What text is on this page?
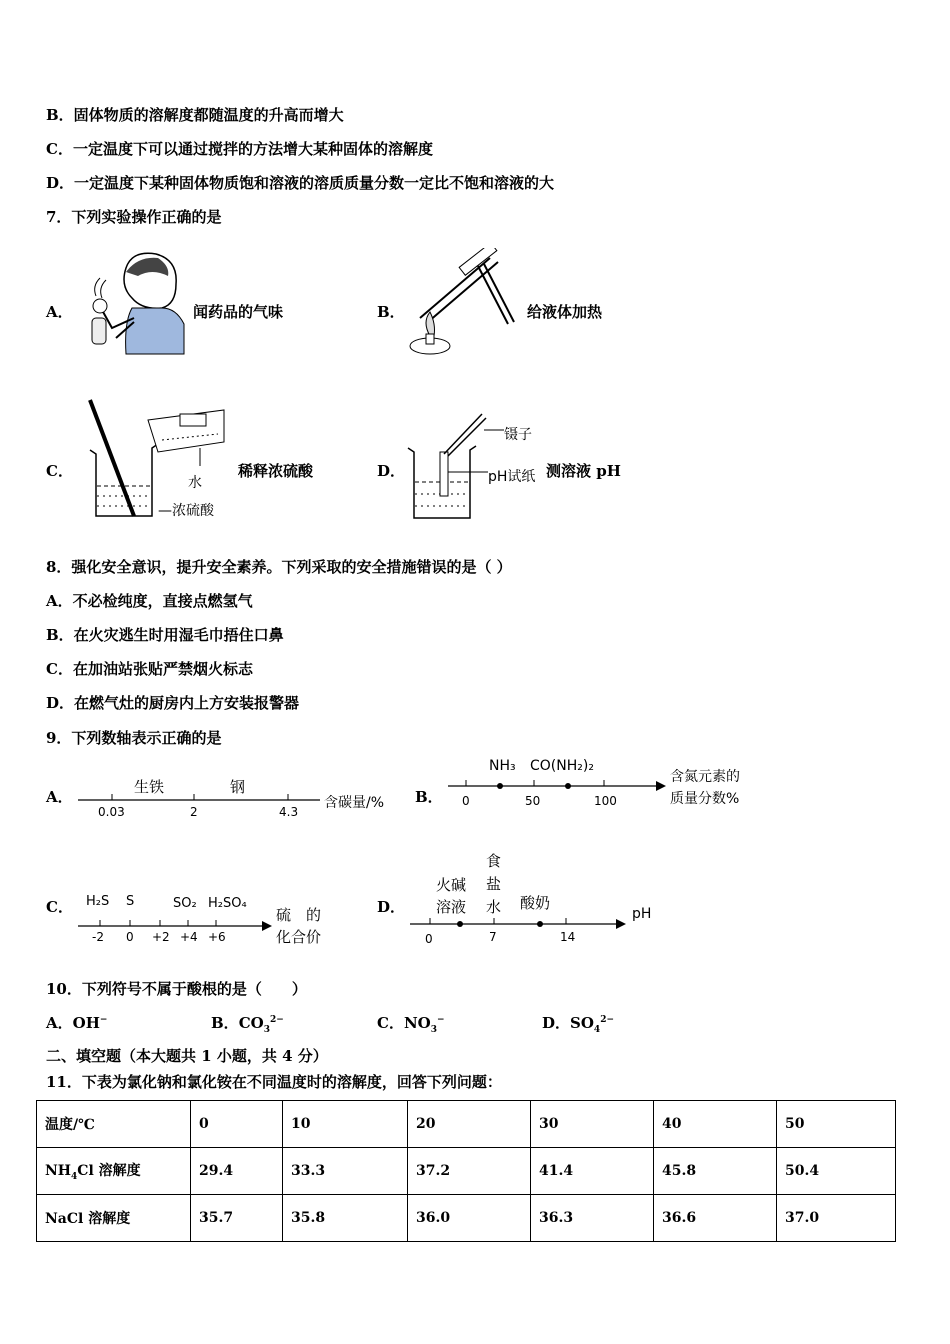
B．固体物质的溶解度都随温度的升高而增大
C．一定温度下可以通过搅拌的方法增大某种固体的溶解度
D．一定温度下某种固体物质饱和溶液的溶质质量分数一定比不饱和溶液的大
7．下列实验操作正确的是
A．	闻药品的气味	B．	给液体加热
C．
水
—浓硫酸
稀释浓硫酸	D．
镊子
pH试纸 测溶液 pH
8．强化安全意识，提升安全素养。下列采取的安全措施错误的是（ ）
A．不必检纯度，直接点燃氢气
B．在火灾逃生时用湿毛巾捂住口鼻
C．在加油站张贴严禁烟火标志
D．在燃气灶的厨房内上方安装报警器
9．下列数轴表示正确的是
A．
生铁	钢
0.03	2	4.3
含碳量/% B．
NH₃ CO(NH₂)₂
0	50	100
含氮元素的
质量分数%
C． H₂S S	SO₂ H₂SO₄
-2 0 +2 +4 +6
硫　的
化合价
D．
火碱
溶液
食
盐
水 酸奶
0	7	14
pH
10．下列符号不属于酸根的是（　　）
A．OH−	B．$CO_3^{2-}$	C．$NO_3^-$	D．$SO_4^{2-}$
二、填空题（本大题共 1 小题，共 4 分）
11．下表为氯化钠和氯化铵在不同温度时的溶解度，回答下列问题：
温度/℃	0	10	20	30	40	50
$NH_4Cl$ 溶解度	29.4	33.3	37.2	41.4	45.8	50.4
NaCl 溶解度	35.7	35.8	36.0	36.3	36.6	37.0
